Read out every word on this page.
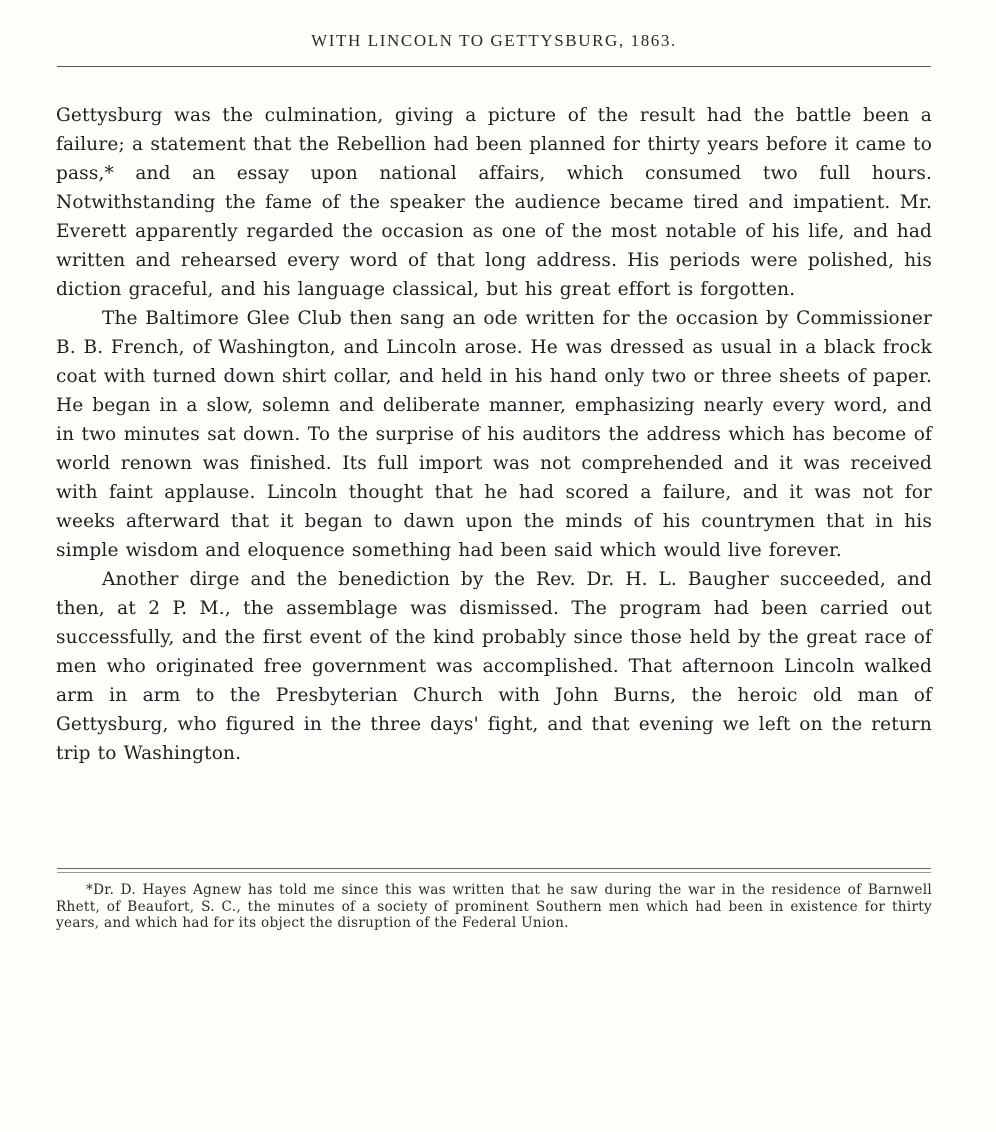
WITH LINCOLN TO GETTYSBURG, 1863.

Gettysburg was the culmination, giving a picture of the result had the battle been a failure; a statement that the Rebellion had been planned for thirty years before it came to pass,* and an essay upon national affairs, which consumed two full hours. Notwithstanding the fame of the speaker the audience became tired and impatient. Mr. Everett apparently regarded the occasion as one of the most notable of his life, and had written and rehearsed every word of that long address. His periods were polished, his diction graceful, and his language classical, but his great effort is forgotten.

The Baltimore Glee Club then sang an ode written for the occasion by Commissioner B. B. French, of Washington, and Lincoln arose. He was dressed as usual in a black frock coat with turned down shirt collar, and held in his hand only two or three sheets of paper. He began in a slow, solemn and deliberate manner, emphasizing nearly every word, and in two minutes sat down. To the surprise of his auditors the address which has become of world renown was finished. Its full import was not comprehended and it was received with faint applause. Lincoln thought that he had scored a failure, and it was not for weeks afterward that it began to dawn upon the minds of his countrymen that in his simple wisdom and eloquence something had been said which would live forever.

Another dirge and the benediction by the Rev. Dr. H. L. Baugher succeeded, and then, at 2 P. M., the assemblage was dismissed. The program had been carried out successfully, and the first event of the kind probably since those held by the great race of men who originated free government was accomplished. That afternoon Lincoln walked arm in arm to the Presbyterian Church with John Burns, the heroic old man of Gettysburg, who figured in the three days' fight, and that evening we left on the return trip to Washington.

*Dr. D. Hayes Agnew has told me since this was written that he saw during the war in the residence of Barnwell Rhett, of Beaufort, S. C., the minutes of a society of prominent Southern men which had been in existence for thirty years, and which had for its object the disruption of the Federal Union.
